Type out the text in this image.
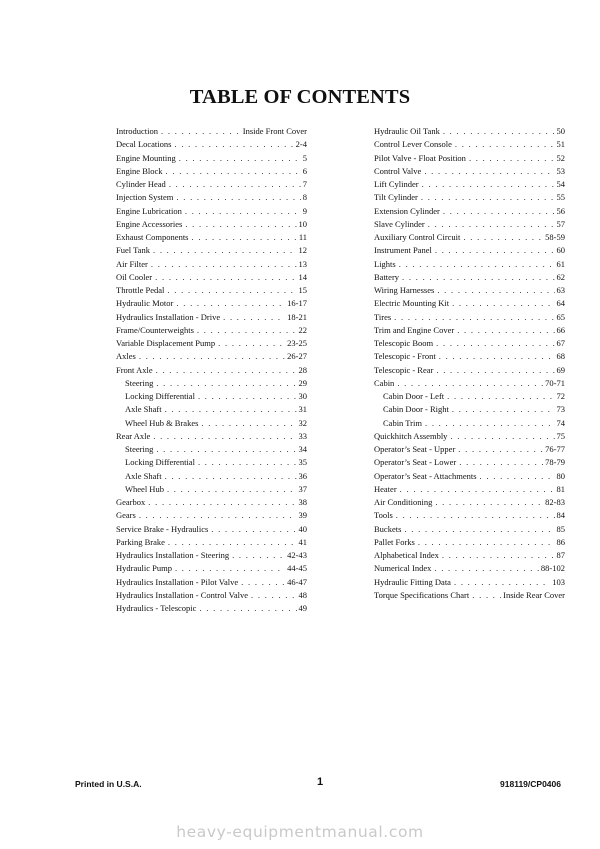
TABLE OF CONTENTS
Introduction . . .	Inside Front Cover
Decal Locations . . .	2-4
Engine Mounting . . .	5
Engine Block . . .	6
Cylinder Head . . .	7
Injection System . . .	8
Engine Lubrication . . .	9
Engine Accessories . . .	10
Exhaust Components . . .	11
Fuel Tank . . .	12
Air Filter . . .	13
Oil Cooler . . .	14
Throttle Pedal . . .	15
Hydraulic Motor . . .	16-17
Hydraulics Installation - Drive . . .	18-21
Frame/Counterweights . . .	22
Variable Displacement Pump . . .	23-25
Axles . . .	26-27
Front Axle . . .	28
Steering . . .	29
Locking Differential . . .	30
Axle Shaft . . .	31
Wheel Hub & Brakes . . .	32
Rear Axle . . .	33
Steering . . .	34
Locking Differential . . .	35
Axle Shaft . . .	36
Wheel Hub . . .	37
Gearbox . . .	38
Gears . . .	39
Service Brake - Hydraulics . . .	40
Parking Brake . . .	41
Hydraulics Installation - Steering . . .	42-43
Hydraulic Pump . . .	44-45
Hydraulics Installation - Pilot Valve . . .	46-47
Hydraulics Installation - Control Valve . . .	48
Hydraulics - Telescopic . . .	49
Hydraulic Oil Tank . . .	50
Control Lever Console . . .	51
Pilot Valve - Float Position . . .	52
Control Valve . . .	53
Lift Cylinder . . .	54
Tilt Cylinder . . .	55
Extension Cylinder . . .	56
Slave Cylinder . . .	57
Auxiliary Control Circuit . . .	58-59
Instrument Panel . . .	60
Lights . . .	61
Battery . . .	62
Wiring Harnesses . . .	63
Electric Mounting Kit . . .	64
Tires . . .	65
Trim and Engine Cover . . .	66
Telescopic Boom . . .	67
Telescopic - Front . . .	68
Telescopic - Rear . . .	69
Cabin . . .	70-71
Cabin Door - Left . . .	72
Cabin Door - Right . . .	73
Cabin Trim . . .	74
Quickhitch Assembly . . .	75
Operator’s Seat - Upper . . .	76-77
Operator’s Seat - Lower . . .	78-79
Operator’s Seat - Attachments . . .	80
Heater . . .	81
Air Conditioning . . .	82-83
Tools . . .	84
Buckets . . .	85
Pallet Forks . . .	86
Alphabetical Index . . .	87
Numerical Index . . .	88-102
Hydraulic Fitting Data . . .	103
Torque Specifications Chart . . .	Inside Rear Cover
Printed in U.S.A.	1	918119/CP0406
heavy-equipmentmanual.com
